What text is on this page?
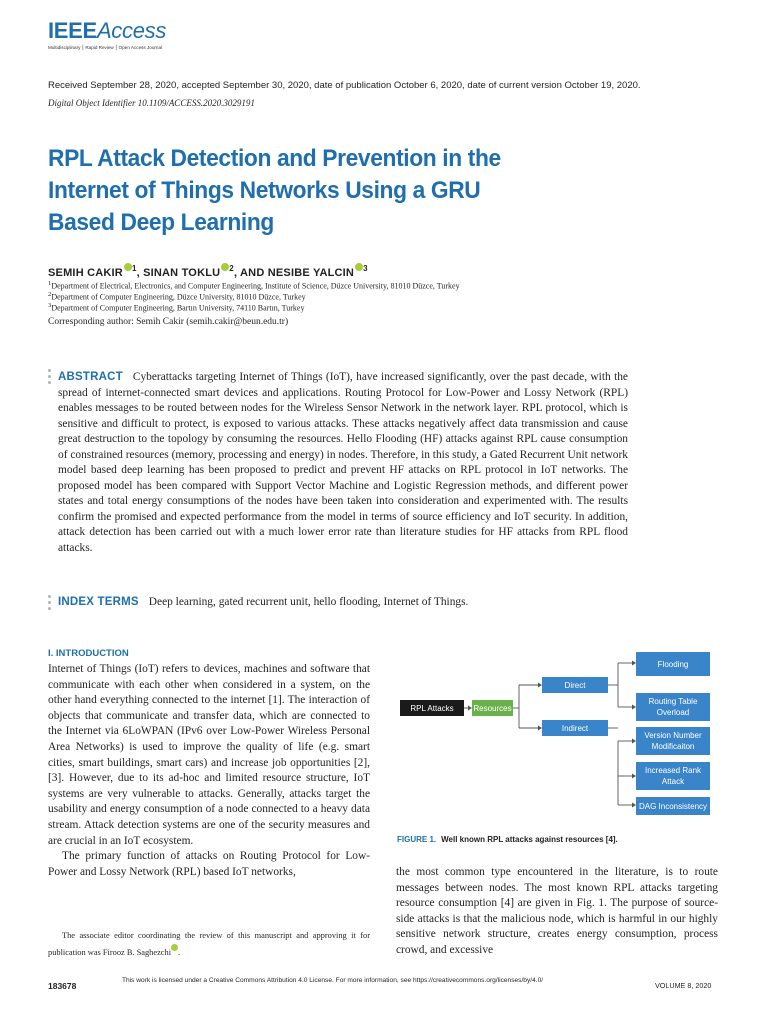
IEEEAccess
Multidisciplinary ⎮ Rapid Review ⎮ Open Access Journal
Received September 28, 2020, accepted September 30, 2020, date of publication October 6, 2020, date of current version October 19, 2020.
Digital Object Identifier 10.1109/ACCESS.2020.3029191
RPL Attack Detection and Prevention in the
Internet of Things Networks Using a GRU
Based Deep Learning
SEMIH CAKIR $^1$, SINAN TOKLU $^2$, AND NESIBE YALCIN $^3$
$^1$Department of Electrical, Electronics, and Computer Engineering, Institute of Science, Düzce University, 81010 Düzce, Turkey
$^2$Department of Computer Engineering, Düzce University, 81010 Düzce, Turkey
$^3$Department of Computer Engineering, Bartın University, 74110 Bartın, Turkey
Corresponding author: Semih Cakir (semih.cakir@beun.edu.tr)
ABSTRACT Cyberattacks targeting Internet of Things (IoT), have increased significantly, over the past decade, with the spread of internet-connected smart devices and applications. Routing Protocol for Low-Power and Lossy Network (RPL) enables messages to be routed between nodes for the Wireless Sensor Network in the network layer. RPL protocol, which is sensitive and difficult to protect, is exposed to various attacks. These attacks negatively affect data transmission and cause great destruction to the topology by consuming the resources. Hello Flooding (HF) attacks against RPL cause consumption of constrained resources (memory, processing and energy) in nodes. Therefore, in this study, a Gated Recurrent Unit network model based deep learning has been proposed to predict and prevent HF attacks on RPL protocol in IoT networks. The proposed model has been compared with Support Vector Machine and Logistic Regression methods, and different power states and total energy consumptions of the nodes have been taken into consideration and experimented with. The results confirm the promised and expected performance from the model in terms of source efficiency and IoT security. In addition, attack detection has been carried out with a much lower error rate than literature studies for HF attacks from RPL flood attacks.
INDEX TERMS Deep learning, gated recurrent unit, hello flooding, Internet of Things.
I. INTRODUCTION

Internet of Things (IoT) refers to devices, machines and software that communicate with each other when considered in a system, on the other hand everything connected to the internet [1]. The interaction of objects that communicate and transfer data, which are connected to the Internet via 6LoWPAN (IPv6 over Low-Power Wireless Personal Area Networks) is used to improve the quality of life (e.g. smart cities, smart buildings, smart cars) and increase job opportunities [2], [3]. However, due to its ad-hoc and limited resource structure, IoT systems are very vulnerable to attacks. Generally, attacks target the usability and energy consumption of a node connected to a heavy data stream. Attack detection systems are one of the security measures and are crucial in an IoT ecosystem.

The primary function of attacks on Routing Protocol for Low-Power and Lossy Network (RPL) based IoT networks,

The associate editor coordinating the review of this manuscript and approving it for publication was Firooz B. Saghezchi .

RPL Attacks Resources
Direct
Indirect
Flooding
Routing Table
Overload
Version Number
Modificaiton
Increased Rank
Attack
DAG Inconsistency
FIGURE 1. Well known RPL attacks against resources [4].

the most common type encountered in the literature, is to route messages between nodes. The most known RPL attacks targeting resource consumption [4] are given in Fig. 1. The purpose of source-side attacks is that the malicious node, which is harmful in our highly sensitive network structure, creates energy consumption, process crowd, and excessive

183678
This work is licensed under a Creative Commons Attribution 4.0 License. For more information, see https://creativecommons.org/licenses/by/4.0/
VOLUME 8, 2020
